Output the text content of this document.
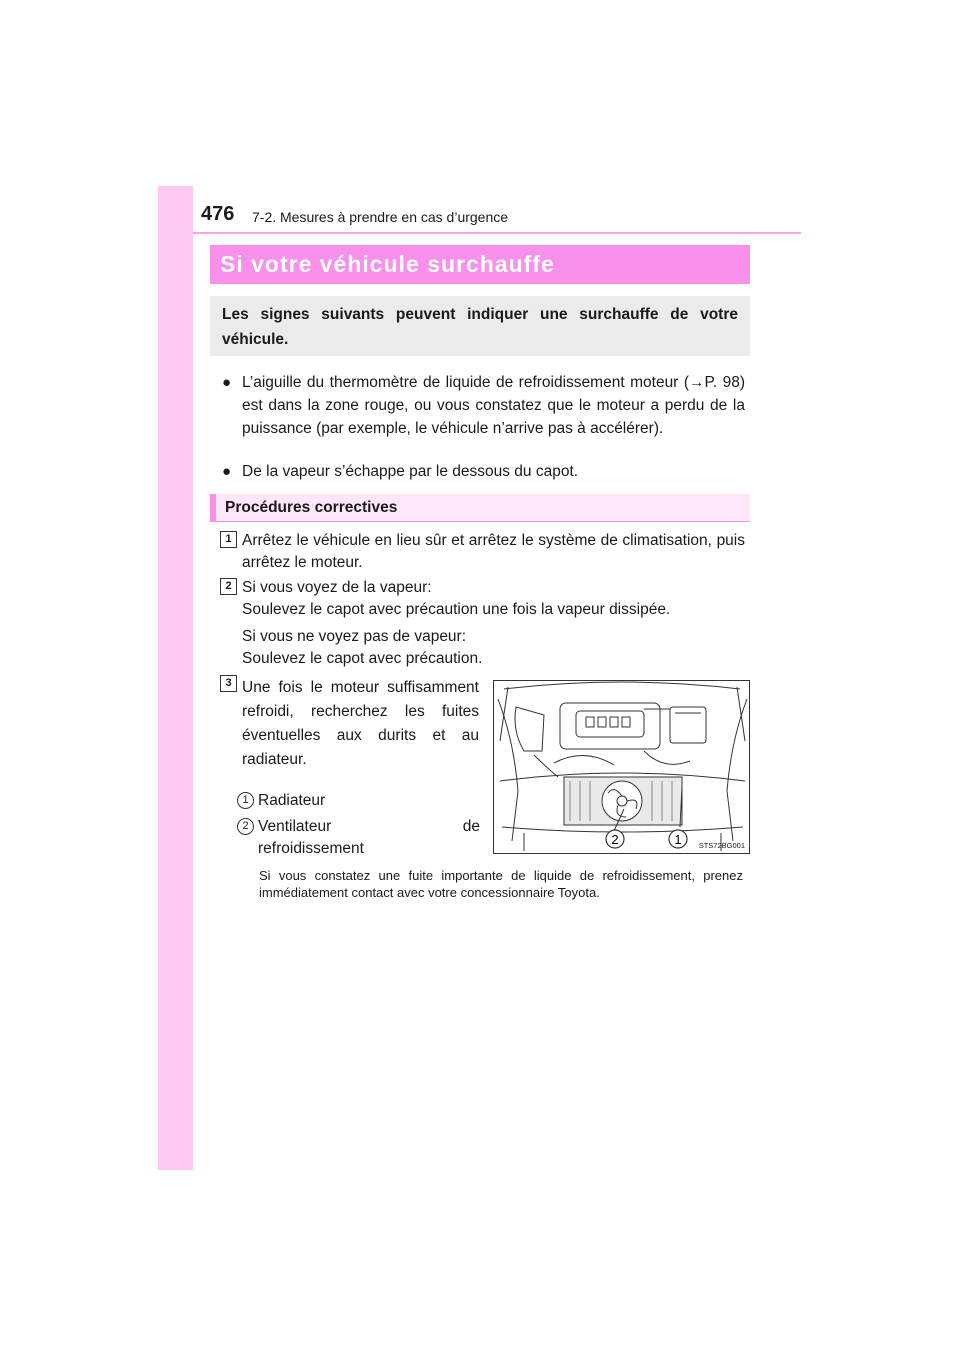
476 7-2. Mesures à prendre en cas d’urgence
Si votre véhicule surchauffe
Les signes suivants peuvent indiquer une surchauffe de votre véhicule.
● L’aiguille du thermomètre de liquide de refroidissement moteur (→P. 98) est dans la zone rouge, ou vous constatez que le moteur a perdu de la puissance (par exemple, le véhicule n’arrive pas à accélérer).
● De la vapeur s’échappe par le dessous du capot.
Procédures correctives
1 Arrêtez le véhicule en lieu sûr et arrêtez le système de climatisation, puis arrêtez le moteur.
2 Si vous voyez de la vapeur:
Soulevez le capot avec précaution une fois la vapeur dissipée.
Si vous ne voyez pas de vapeur:
Soulevez le capot avec précaution.
3 Une fois le moteur suffisamment refroidi, recherchez les fuites éventuelles aux durits et au radiateur.
1 Radiateur
2 Ventilateur de
refroidissement
2	1 STS72BG001
Si vous constatez une fuite importante de liquide de refroidissement, prenez immédiatement contact avec votre concessionnaire Toyota.
